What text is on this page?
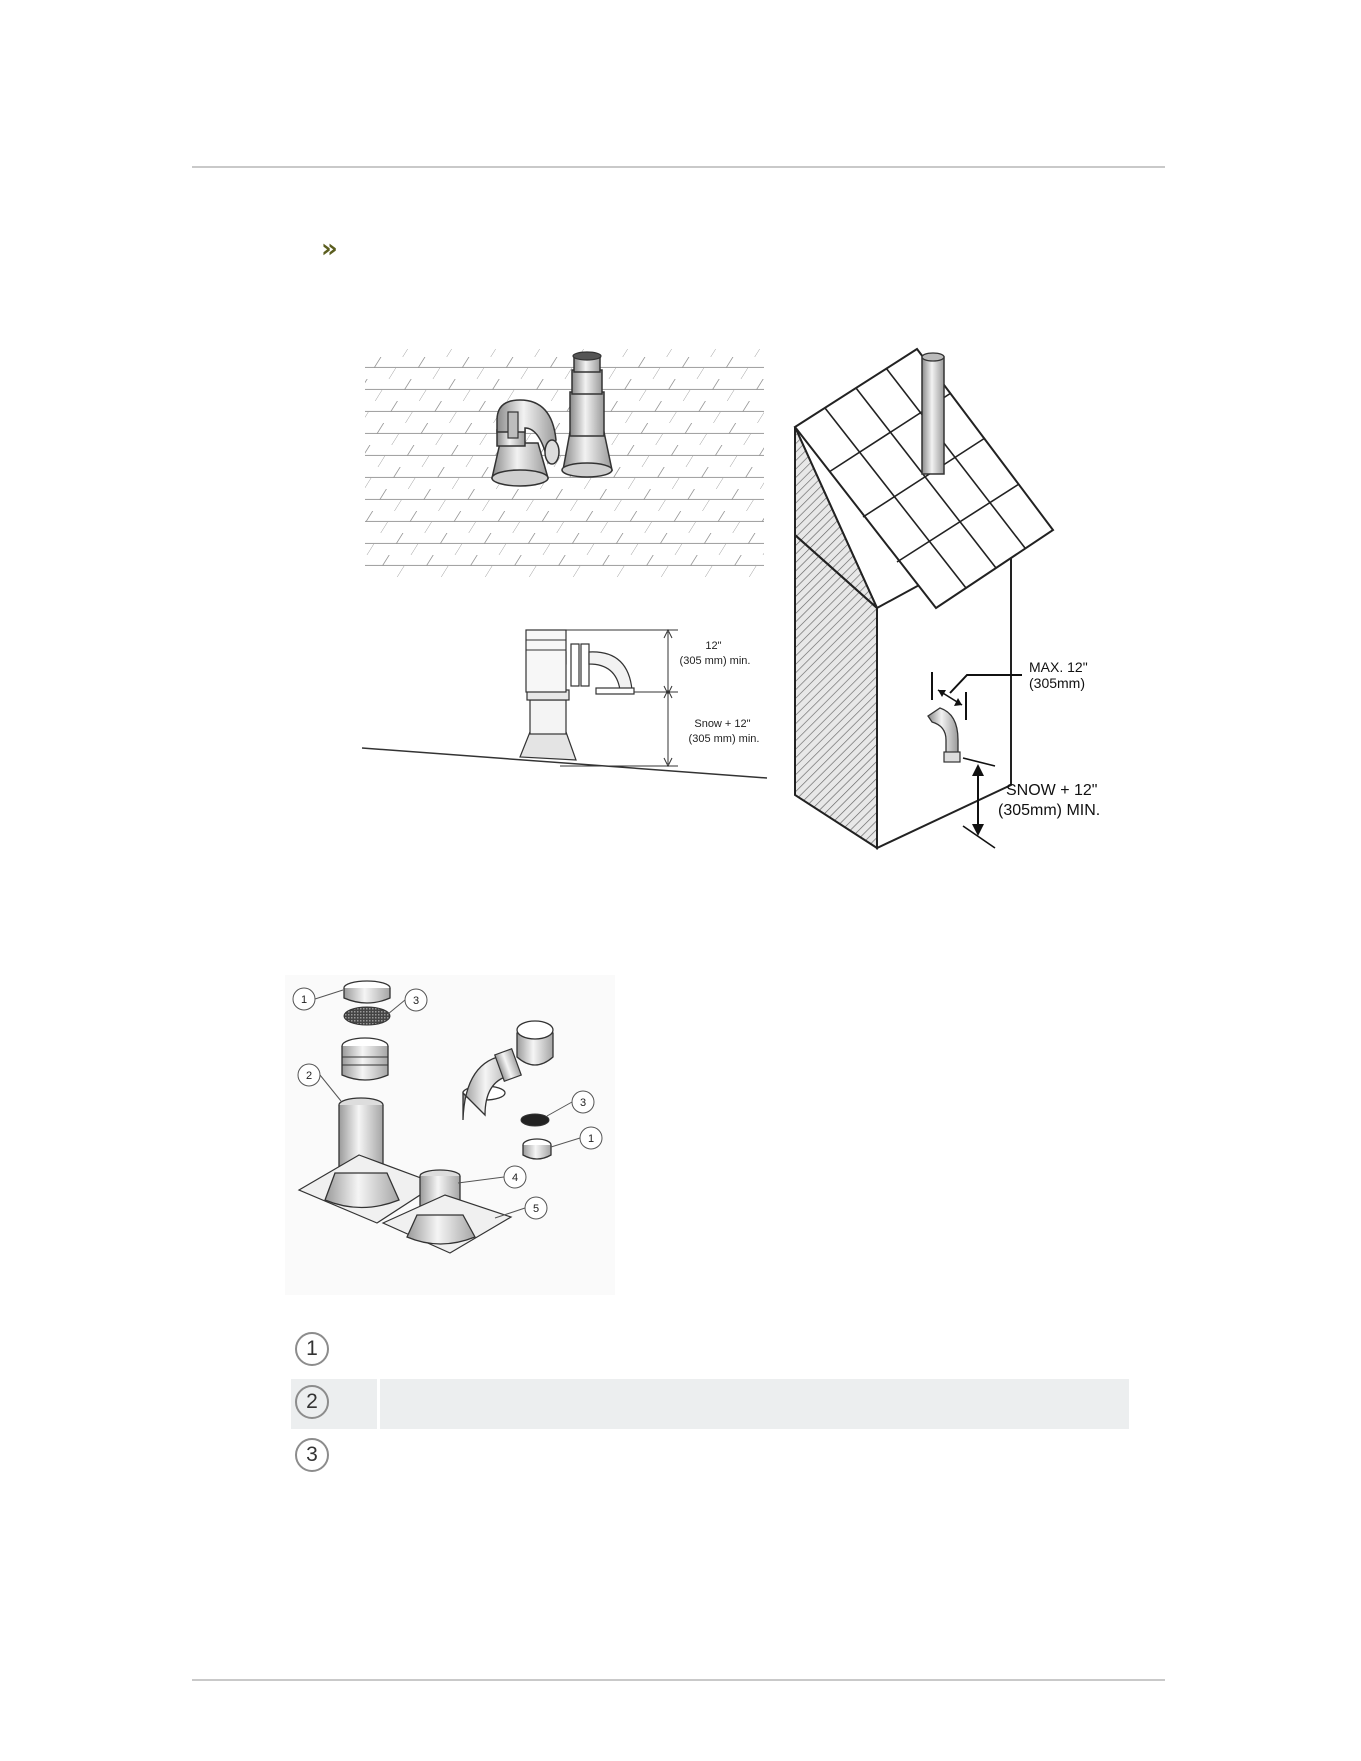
»
12" (305 mm) min.
Snow + 12" (305 mm) min.
MAX. 12" (305mm)
SNOW + 12" (305mm) MIN.
1	3
2
3
1
4
5
1
2
3
